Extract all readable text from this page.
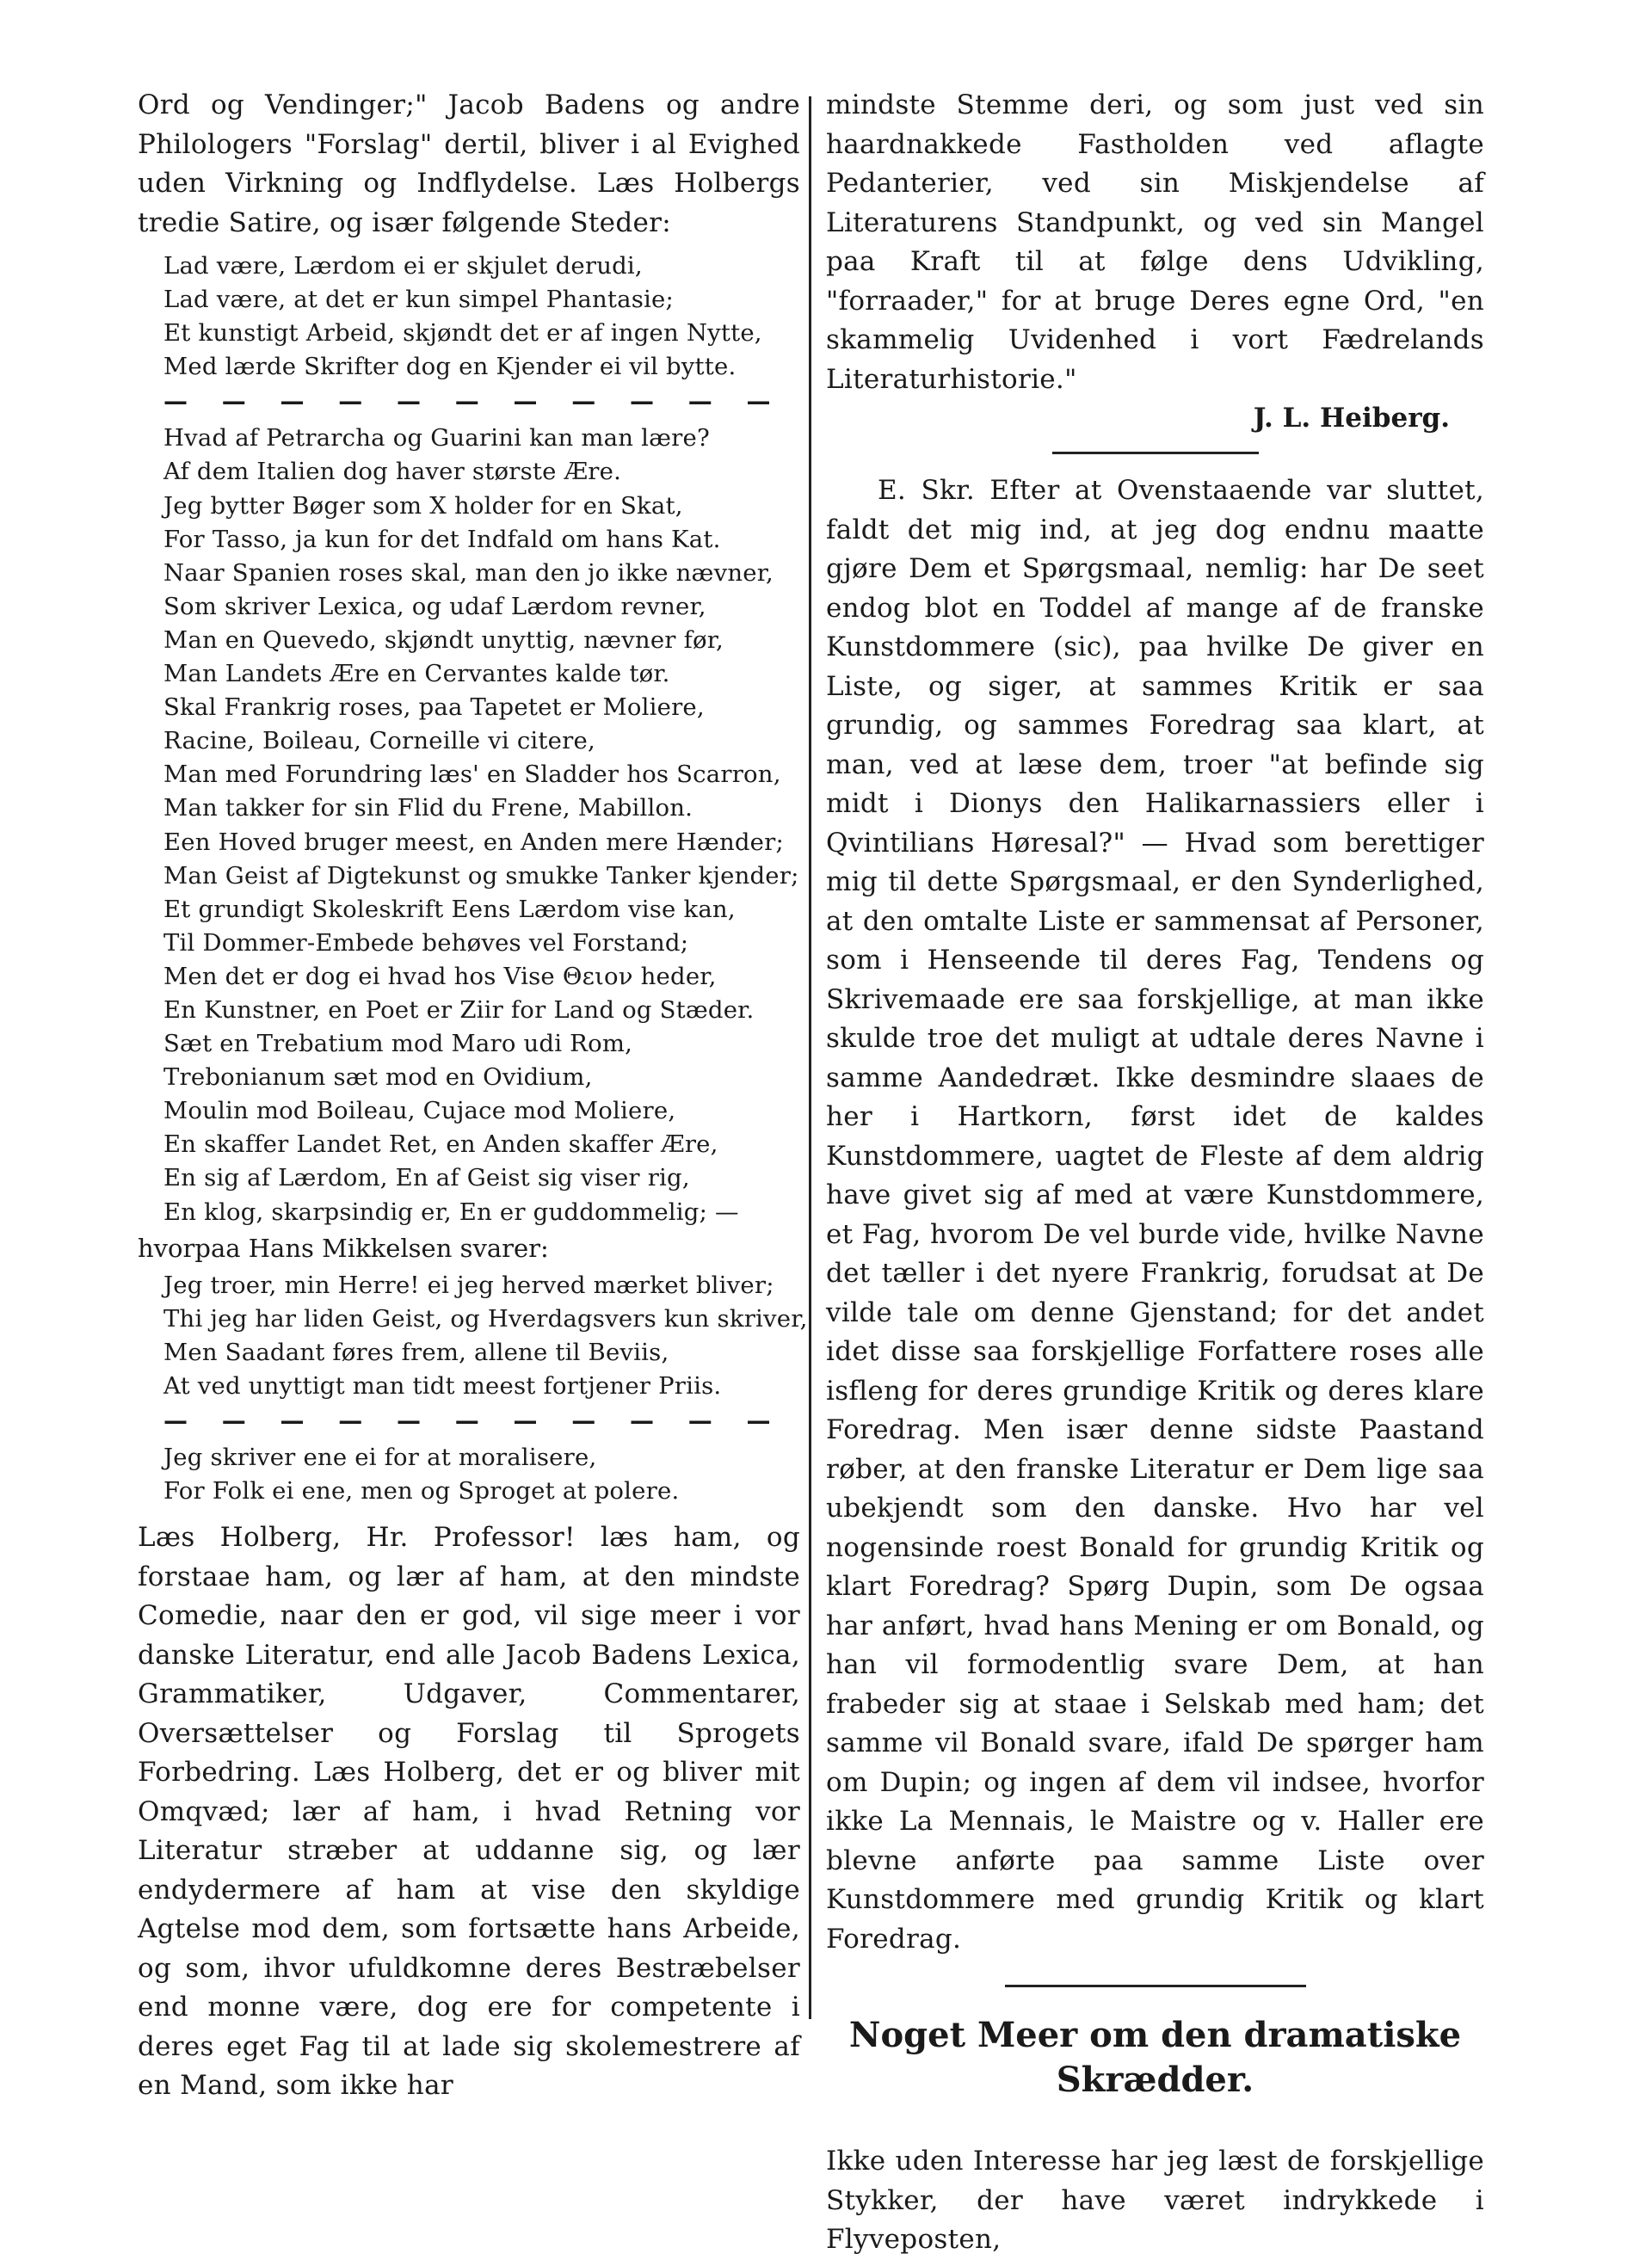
Ord og Vendinger;" Jacob Badens og andre Philologers "Forslag" dertil, bliver i al Evighed uden Virkning og Indflydelse. Læs Holbergs tredie Satire, og især følgende Steder:

Lad være, Lærdom ei er skjulet derudi,
Lad være, at det er kun simpel Phantasie;
Et kunstigt Arbeid, skjøndt det er af ingen Nytte,
Med lærde Skrifter dog en Kjender ei vil bytte.
— — — — — — — — — — —
Hvad af Petrarcha og Guarini kan man lære?
Af dem Italien dog haver største Ære.
Jeg bytter Bøger som X holder for en Skat,
For Tasso, ja kun for det Indfald om hans Kat.
Naar Spanien roses skal, man den jo ikke nævner,
Som skriver Lexica, og udaf Lærdom revner,
Man en Quevedo, skjøndt unyttig, nævner før,
Man Landets Ære en Cervantes kalde tør.
Skal Frankrig roses, paa Tapetet er Moliere,
Racine, Boileau, Corneille vi citere,
Man med Forundring læs' en Sladder hos Scarron,
Man takker for sin Flid du Frene, Mabillon.
Een Hoved bruger meest, en Anden mere Hænder;
Man Geist af Digtekunst og smukke Tanker kjender;
Et grundigt Skoleskrift Eens Lærdom vise kan,
Til Dommer-Embede behøves vel Forstand;
Men det er dog ei hvad hos Vise Θειον heder,
En Kunstner, en Poet er Ziir for Land og Stæder.
Sæt en Trebatium mod Maro udi Rom,
Trebonianum sæt mod en Ovidium,
Moulin mod Boileau, Cujace mod Moliere,
En skaffer Landet Ret, en Anden skaffer Ære,
En sig af Lærdom, En af Geist sig viser rig,
En klog, skarpsindig er, En er guddommelig; —
hvorpaa Hans Mikkelsen svarer:
Jeg troer, min Herre! ei jeg herved mærket bliver;
Thi jeg har liden Geist, og Hverdagsvers kun skriver,
Men Saadant føres frem, allene til Beviis,
At ved unyttigt man tidt meest fortjener Priis.
— — — — — — — — — — —
Jeg skriver ene ei for at moralisere,
For Folk ei ene, men og Sproget at polere.

Læs Holberg, Hr. Professor! læs ham, og forstaae ham, og lær af ham, at den mindste Comedie, naar den er god, vil sige meer i vor danske Literatur, end alle Jacob Badens Lexica, Grammatiker, Udgaver, Commentarer, Oversættelser og Forslag til Sprogets Forbedring. Læs Holberg, det er og bliver mit Omqvæd; lær af ham, i hvad Retning vor Literatur stræber at uddanne sig, og lær endydermere af ham at vise den skyldige Agtelse mod dem, som fortsætte hans Arbeide, og som, ihvor ufuldkomne deres Bestræbelser end monne være, dog ere for competente i deres eget Fag til at lade sig skolemestrere af en Mand, som ikke har

mindste Stemme deri, og som just ved sin haardnakkede Fastholden ved aflagte Pedanterier, ved sin Miskjendelse af Literaturens Standpunkt, og ved sin Mangel paa Kraft til at følge dens Udvikling, "forraader," for at bruge Deres egne Ord, "en skammelig Uvidenhed i vort Fædrelands Literaturhistorie."

J. L. Heiberg.

E. Skr. Efter at Ovenstaaende var sluttet, faldt det mig ind, at jeg dog endnu maatte gjøre Dem et Spørgsmaal, nemlig: har De seet endog blot en Toddel af mange af de franske Kunstdommere (sic), paa hvilke De giver en Liste, og siger, at sammes Kritik er saa grundig, og sammes Foredrag saa klart, at man, ved at læse dem, troer "at befinde sig midt i Dionys den Halikarnassiers eller i Qvintilians Høresal?" — Hvad som berettiger mig til dette Spørgsmaal, er den Synderlighed, at den omtalte Liste er sammensat af Personer, som i Henseende til deres Fag, Tendens og Skrivemaade ere saa forskjellige, at man ikke skulde troe det muligt at udtale deres Navne i samme Aandedræt. Ikke desmindre slaaes de her i Hartkorn, først idet de kaldes Kunstdommere, uagtet de Fleste af dem aldrig have givet sig af med at være Kunstdommere, et Fag, hvorom De vel burde vide, hvilke Navne det tæller i det nyere Frankrig, forudsat at De vilde tale om denne Gjenstand; for det andet idet disse saa forskjellige Forfattere roses alle isfleng for deres grundige Kritik og deres klare Foredrag. Men især denne sidste Paastand røber, at den franske Literatur er Dem lige saa ubekjendt som den danske. Hvo har vel nogensinde roest Bonald for grundig Kritik og klart Foredrag? Spørg Dupin, som De ogsaa har anført, hvad hans Mening er om Bonald, og han vil formodentlig svare Dem, at han frabeder sig at staae i Selskab med ham; det samme vil Bonald svare, ifald De spørger ham om Dupin; og ingen af dem vil indsee, hvorfor ikke La Mennais, le Maistre og v. Haller ere blevne anførte paa samme Liste over Kunstdommere med grundig Kritik og klart Foredrag.

Noget Meer om den dramatiske Skrædder.

Ikke uden Interesse har jeg læst de forskjellige Stykker, der have været indrykkede i Flyveposten,
